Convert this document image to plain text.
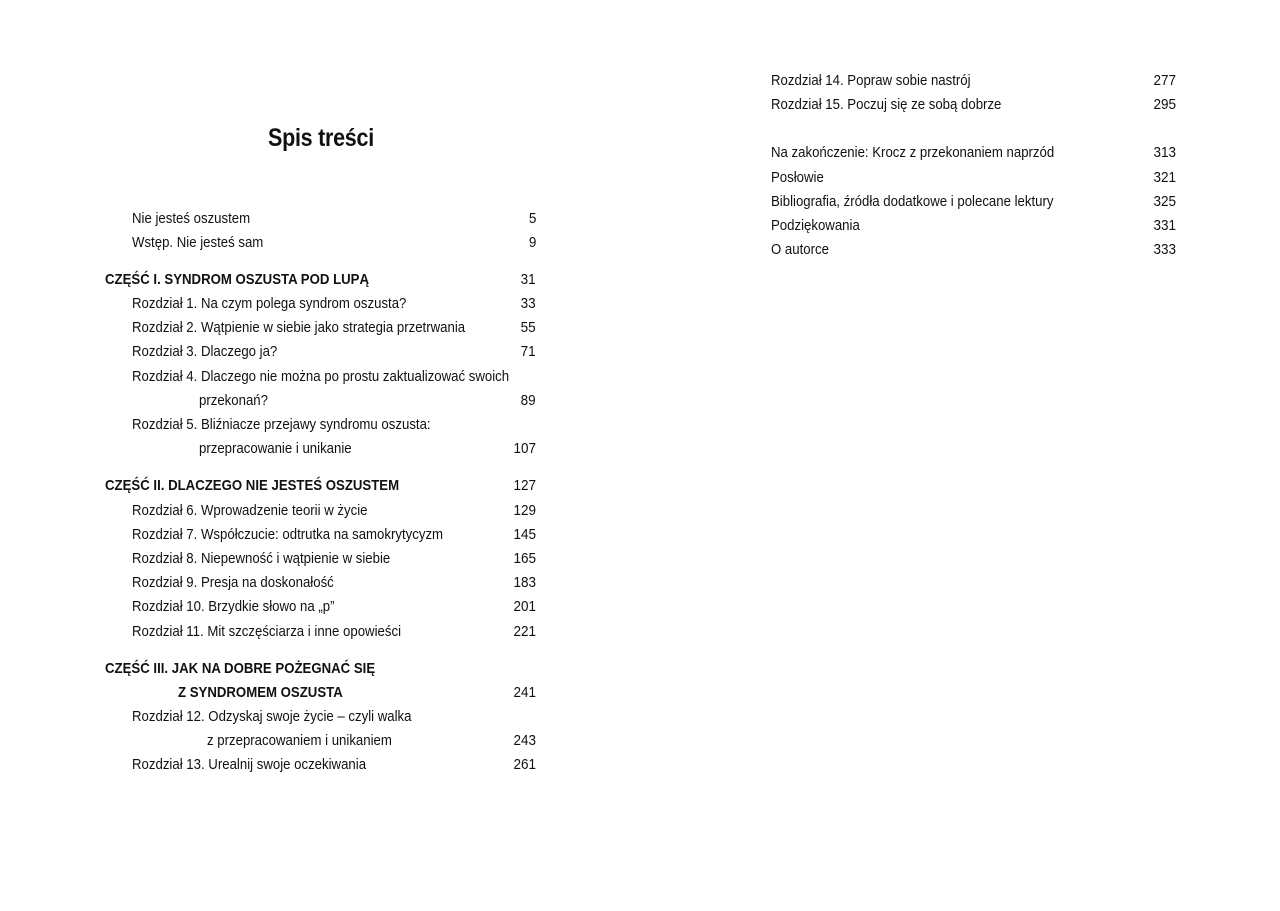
Spis treści
Nie jesteś oszustem	5
Wstęp. Nie jesteś sam	9
CZĘŚĆ I. SYNDROM OSZUSTA POD LUPĄ	31
Rozdział 1. Na czym polega syndrom oszusta?	33
Rozdział 2. Wątpienie w siebie jako strategia przetrwania	55
Rozdział 3. Dlaczego ja?	71
Rozdział 4. Dlaczego nie można po prostu zaktualizować swoich
przekonań?	89
Rozdział 5. Bliźniacze przejawy syndromu oszusta:
przepracowanie i unikanie	107
CZĘŚĆ II. DLACZEGO NIE JESTEŚ OSZUSTEM	127
Rozdział 6. Wprowadzenie teorii w życie	129
Rozdział 7. Współczucie: odtrutka na samokrytycyzm	145
Rozdział 8. Niepewność i wątpienie w siebie	165
Rozdział 9. Presja na doskonałość	183
Rozdział 10. Brzydkie słowo na „p”	201
Rozdział 11. Mit szczęściarza i inne opowieści	221
CZĘŚĆ III. JAK NA DOBRE POŻEGNAĆ SIĘ
Z SYNDROMEM OSZUSTA	241
Rozdział 12. Odzyskaj swoje życie – czyli walka
z przepracowaniem i unikaniem	243
Rozdział 13. Urealnij swoje oczekiwania	261
Rozdział 14. Popraw sobie nastrój	277
Rozdział 15. Poczuj się ze sobą dobrze	295
Na zakończenie: Krocz z przekonaniem naprzód	313
Posłowie	321
Bibliografia, źródła dodatkowe i polecane lektury	325
Podziękowania	331
O autorce	333
